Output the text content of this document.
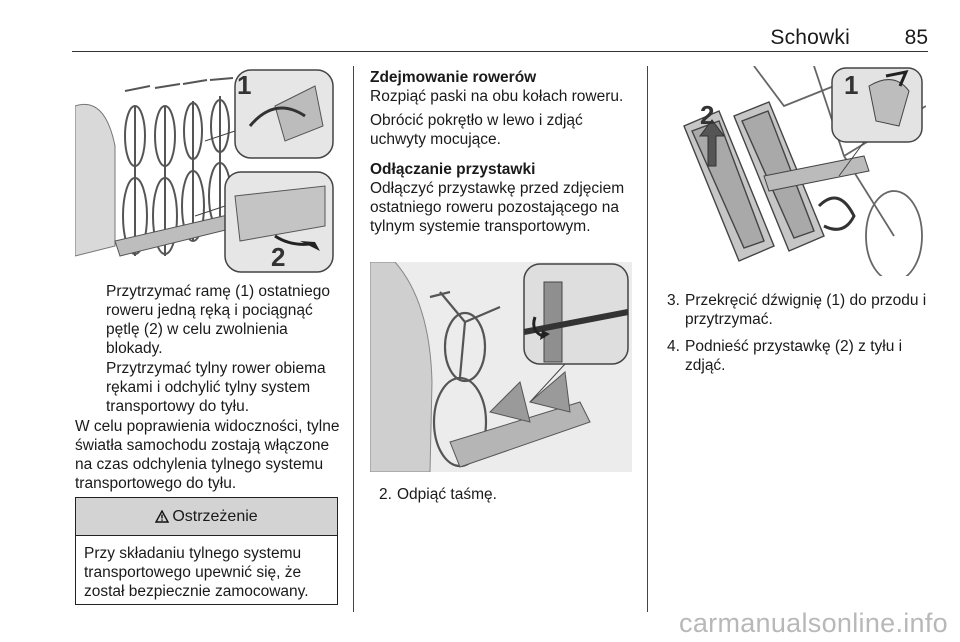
Schowki	85
1
2

Przytrzymać ramę (1) ostatniego roweru jedną ręką i pociągnąć pętlę (2) w celu zwolnienia blokady.

Przytrzymać tylny rower obiema rękami i odchylić tylny system transportowy do tyłu.

W celu poprawienia widoczności, tylne światła samochodu zostają włączone na czas odchylenia tylnego systemu transportowego do tyłu.

Ostrzeżenie
Przy składaniu tylnego systemu transportowego upewnić się, że został bezpiecznie zamocowany.

Zdejmowanie rowerów

Rozpiąć paski na obu kołach roweru.

Obrócić pokrętło w lewo i zdjąć uchwyty mocujące.

Odłączanie przystawki

Odłączyć przystawkę przed zdjęciem ostatniego roweru pozostającego na tylnym systemie transportowym.

2. Odpiąć taśmę.
1
2
3. Przekręcić dźwignię (1) do przodu i przytrzymać.
4. Podnieść przystawkę (2) z tyłu i zdjąć.
carmanualsonline.info
